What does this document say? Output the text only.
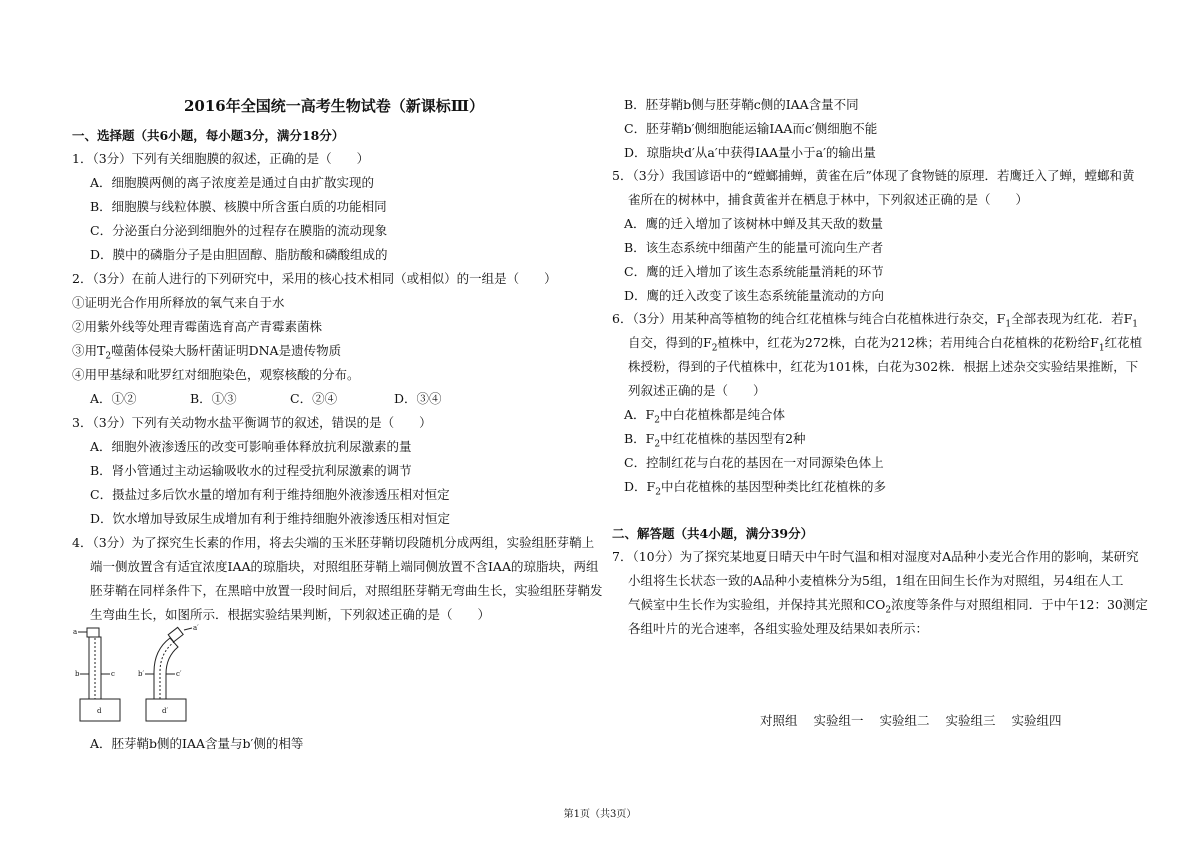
2016年全国统一高考生物试卷（新课标Ⅲ）
一、选择题（共6小题，每小题3分，满分18分）
1．（3分）下列有关细胞膜的叙述，正确的是（　　）
A．细胞膜两侧的离子浓度差是通过自由扩散实现的
B．细胞膜与线粒体膜、核膜中所含蛋白质的功能相同
C．分泌蛋白分泌到细胞外的过程存在膜脂的流动现象
D．膜中的磷脂分子是由胆固醇、脂肪酸和磷酸组成的
2．（3分）在前人进行的下列研究中，采用的核心技术相同（或相似）的一组是（　　）
①证明光合作用所释放的氧气来自于水
②用紫外线等处理青霉菌选育高产青霉素菌株
③用$T_2$噬菌体侵染大肠杆菌证明DNA是遗传物质
④用甲基绿和吡罗红对细胞染色，观察核酸的分布。
A．①②	B．①③	C．②④	D．③④
3．（3分）下列有关动物水盐平衡调节的叙述，错误的是（　　）
A．细胞外液渗透压的改变可影响垂体释放抗利尿激素的量
B．肾小管通过主动运输吸收水的过程受抗利尿激素的调节
C．摄盐过多后饮水量的增加有利于维持细胞外液渗透压相对恒定
D．饮水增加导致尿生成增加有利于维持细胞外液渗透压相对恒定
4．（3分）为了探究生长素的作用，将去尖端的玉米胚芽鞘切段随机分成两组，实验组胚芽鞘上
端一侧放置含有适宜浓度IAA的琼脂块，对照组胚芽鞘上端同侧放置不含IAA的琼脂块，两组
胚芽鞘在同样条件下，在黑暗中放置一段时间后，对照组胚芽鞘无弯曲生长，实验组胚芽鞘发
生弯曲生长，如图所示．根据实验结果判断，下列叙述正确的是（　　）
a
b	c
d
a′
b′	c′
d′
A．胚芽鞘b侧的IAA含量与b′侧的相等
B．胚芽鞘b侧与胚芽鞘c侧的IAA含量不同
C．胚芽鞘b′侧细胞能运输IAA而c′侧细胞不能
D．琼脂块d′从a′中获得IAA量小于a′的输出量
5．（3分）我国谚语中的“螳螂捕蝉，黄雀在后”体现了食物链的原理．若鹰迁入了蝉，螳螂和黄
雀所在的树林中，捕食黄雀并在栖息于林中，下列叙述正确的是（　　）
A．鹰的迁入增加了该树林中蝉及其天敌的数量
B．该生态系统中细菌产生的能量可流向生产者
C．鹰的迁入增加了该生态系统能量消耗的环节
D．鹰的迁入改变了该生态系统能量流动的方向
6．（3分）用某种高等植物的纯合红花植株与纯合白花植株进行杂交，$F_1$全部表现为红花．若$F_1$
自交，得到的$F_2$植株中，红花为272株，白花为212株；若用纯合白花植株的花粉给$F_1$红花植
株授粉，得到的子代植株中，红花为101株，白花为302株．根据上述杂交实验结果推断，下
列叙述正确的是（　　）
A．$F_2$中白花植株都是纯合体
B．$F_2$中红花植株的基因型有2种
C．控制红花与白花的基因在一对同源染色体上
D．$F_2$中白花植株的基因型种类比红花植株的多
二、解答题（共4小题，满分39分）
7．（10分）为了探究某地夏日晴天中午时气温和相对湿度对A品种小麦光合作用的影响，某研究
小组将生长状态一致的A品种小麦植株分为5组，1组在田间生长作为对照组，另4组在人工
气候室中生长作为实验组，并保持其光照和$CO_2$浓度等条件与对照组相同．于中午12：30测定
各组叶片的光合速率，各组实验处理及结果如表所示：
对照组 实验组一 实验组二 实验组三 实验组四
第1页（共3页）
